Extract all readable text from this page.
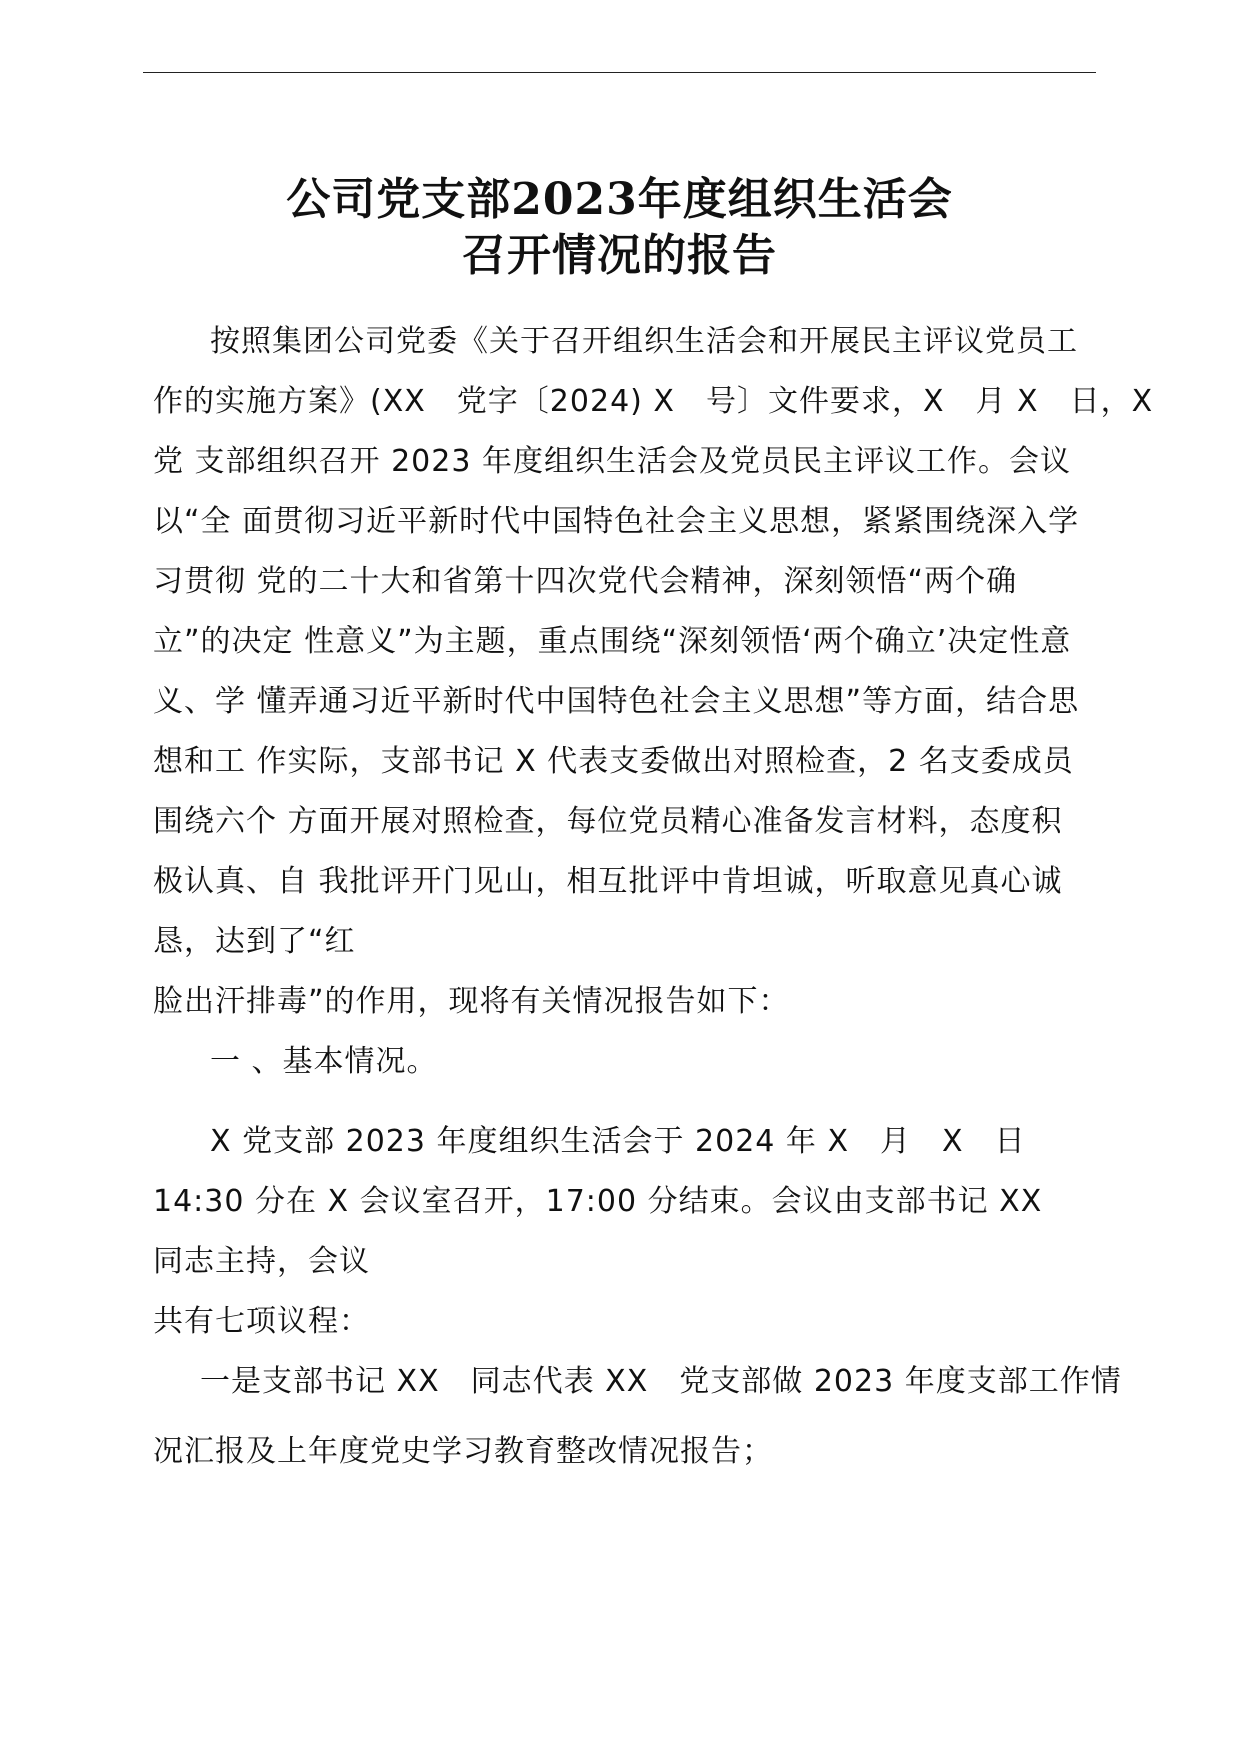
公司党支部2023年度组织生活会
召开情况的报告
按照集团公司党委《关于召开组织生活会和开展民主评议党员工
作的实施方案》(XX　党字〔2024) X　号〕文件要求，X　月 X　日，X
党 支部组织召开 2023 年度组织生活会及党员民主评议工作。会议
以“全 面贯彻习近平新时代中国特色社会主义思想，紧紧围绕深入学
习贯彻 党的二十大和省第十四次党代会精神，深刻领悟“两个确
立”的决定 性意义”为主题，重点围绕“深刻领悟‘两个确立’决定性意
义、学 懂弄通习近平新时代中国特色社会主义思想”等方面，结合思
想和工 作实际，支部书记 X 代表支委做出对照检查，2 名支委成员
围绕六个 方面开展对照检查，每位党员精心准备发言材料，态度积
极认真、自 我批评开门见山，相互批评中肯坦诚，听取意见真心诚
恳，达到了“红
脸出汗排毒”的作用，现将有关情况报告如下：
一 、基本情况。
X 党支部 2023 年度组织生活会于 2024 年 X　月　X　日
14:30 分在 X 会议室召开，17:00 分结束。会议由支部书记 XX
同志主持，会议
共有七项议程：
一是支部书记 XX　同志代表 XX　党支部做 2023 年度支部工作情
况汇报及上年度党史学习教育整改情况报告；
